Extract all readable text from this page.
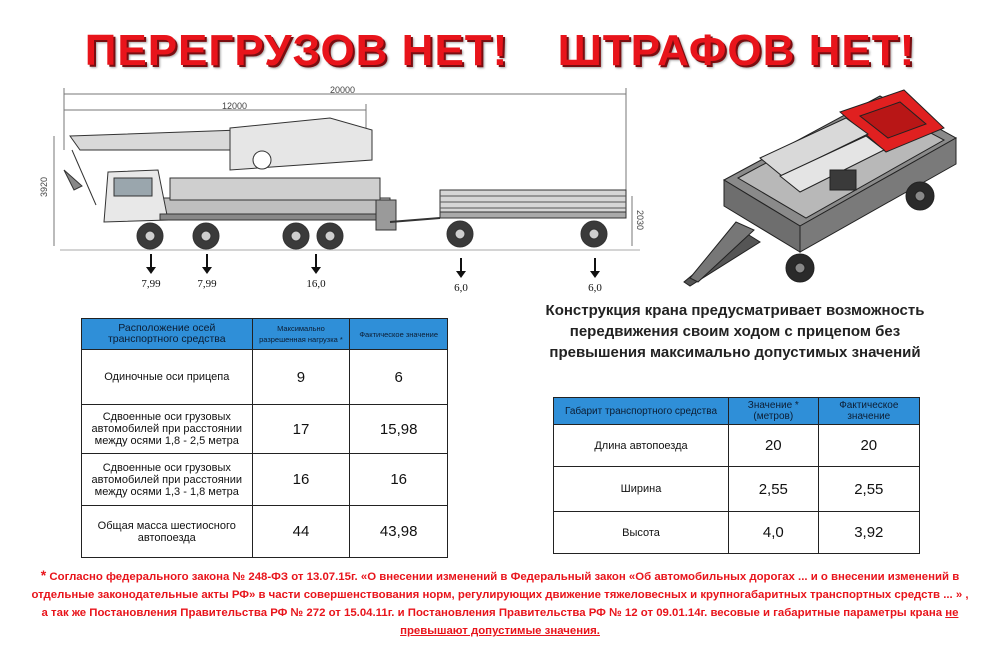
ПЕРЕГРУЗОВ НЕТ! ШТРАФОВ НЕТ!
20000
12000
3920
2030
7,99	7,99	16,0	6,0	6,0
Расположение осей транспортного средства	Максимально разрешенная нагрузка *	Фактическое значение
Одиночные оси прицепа	9	6
Сдвоенные оси грузовых автомобилей при расстоянии между осями 1,8 - 2,5 метра	17	15,98
Сдвоенные оси грузовых автомобилей при расстоянии между осями 1,3 - 1,8 метра	16	16
Общая масса шестиосного автопоезда	44	43,98
Конструкция крана предусматривает возможность передвижения своим ходом с прицепом без превышения максимально допустимых значений
Габарит транспортного средства	Значение * (метров)	Фактическое значение
Длина автопоезда	20	20
Ширина	2,55	2,55
Высота	4,0	3,92
* Согласно федерального закона № 248-ФЗ от 13.07.15г. «О внесении изменений в Федеральный закон «Об автомобильных дорогах ... и о внесении изменений в отдельные законодательные акты РФ» в части совершенствования норм, регулирующих движение тяжеловесных и крупногабаритных транспортных средств ... » , а так же Постановления Правительства РФ № 272 от 15.04.11г. и Постановления Правительства РФ № 12 от 09.01.14г. весовые и габаритные параметры крана не превышают допустимые значения.
